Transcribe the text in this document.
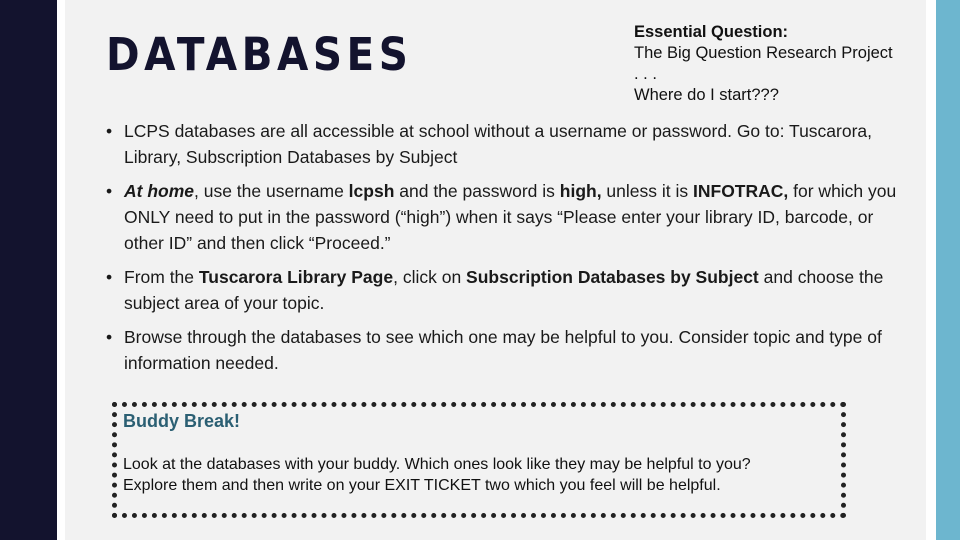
DATABASES	Essential Question:
The Big Question Research Project
. . .
Where do I start???
• LCPS databases are all accessible at school without a username or password. Go to: Tuscarora, Library, Subscription Databases by Subject
• At home, use the username lcpsh and the password is high, unless it is INFOTRAC, for which you ONLY need to put in the password (“high”) when it says “Please enter your library ID, barcode, or other ID” and then click “Proceed.”
• From the Tuscarora Library Page, click on Subscription Databases by Subject and choose the subject area of your topic.
• Browse through the databases to see which one may be helpful to you. Consider topic and type of information needed.
Buddy Break!
Look at the databases with your buddy. Which ones look like they may be helpful to you?
Explore them and then write on your EXIT TICKET two which you feel will be helpful.
